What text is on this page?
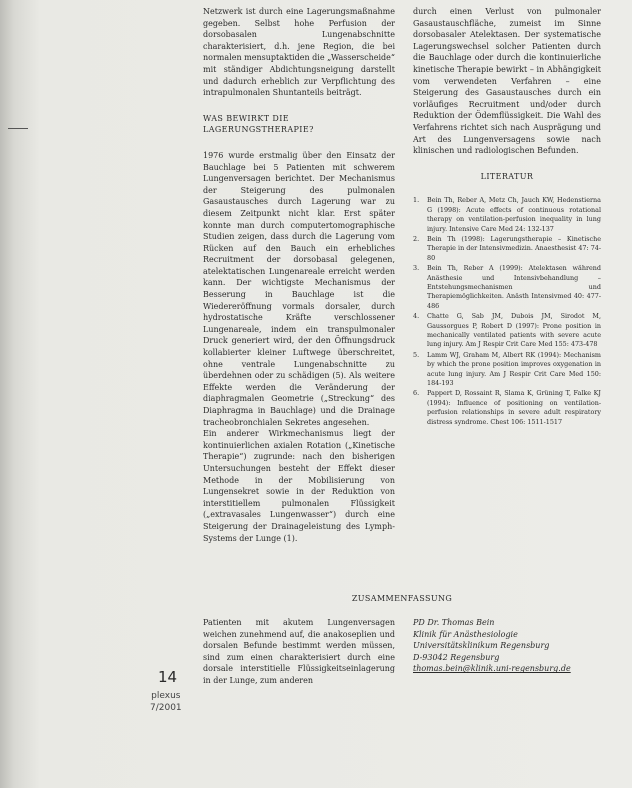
Netzwerk ist durch eine Lagerungsmaßnahme gegeben. Selbst hohe Perfusion der dorsobasalen Lungenabschnitte charakterisiert, d.h. jene Region, die bei normalen mensuptaktiden die „Wasserscheide“ mit ständiger Abdichtungsneigung darstellt und dadurch erheblich zur Verpflichtung des intrapulmonalen Shuntanteils beiträgt.

WAS BEWIRKT DIE LAGERUNGSTHERAPIE?

1976 wurde erstmalig über den Einsatz der Bauchlage bei 5 Patienten mit schwerem Lungenversagen berichtet. Der Mechanismus der Steigerung des pulmonalen Gasaustausches durch Lagerung war zu diesem Zeitpunkt nicht klar. Erst später konnte man durch computertomographische Studien zeigen, dass durch die Lagerung vom Rücken auf den Bauch ein erhebliches Recruitment der dorsobasal gelegenen, atelektatischen Lungenareale erreicht werden kann. Der wichtigste Mechanismus der Besserung in Bauchlage ist die Wiedereröffnung vormals dorsaler, durch hydrostatische Kräfte verschlossener Lungenareale, indem ein transpulmonaler Druck generiert wird, der den Öffnungsdruck kollabierter kleiner Luftwege überschreitet, ohne ventrale Lungenabschnitte zu überdehnen oder zu schädigen (5). Als weitere Effekte werden die Veränderung der diaphragmalen Geometrie („Streckung“ des Diaphragma in Bauchlage) und die Drainage tracheobronchialen Sekretes angesehen.

Ein anderer Wirkmechanismus liegt der kontinuierlichen axialen Rotation („Kinetische Therapie“) zugrunde: nach den bisherigen Untersuchungen besteht der Effekt dieser Methode in der Mobilisierung von Lungensekret sowie in der Reduktion von interstitiellem pulmonalen Flüssigkeit („extravasales Lungenwasser“) durch eine Steigerung der Drainageleistung des Lymph-Systems der Lunge (1).

durch einen Verlust von pulmonaler Gasaustauschfläche, zumeist im Sinne dorsobasaler Atelektasen. Der systematische Lagerungswechsel solcher Patienten durch die Bauchlage oder durch die kontinuierliche kinetische Therapie bewirkt – in Abhängigkeit vom verwendeten Verfahren – eine Steigerung des Gasaustausches durch ein vorläufiges Recruitment und/oder durch Reduktion der Ödemflüssigkeit. Die Wahl des Verfahrens richtet sich nach Ausprägung und Art des Lungenversagens sowie nach klinischen und radiologischen Befunden.

LITERATUR
1.	Bein Th, Reber A, Metz Ch, Jauch KW, Hedenstierna G (1998): Acute effects of continuous rotational therapy on ventilation-perfusion inequality in lung injury. Intensive Care Med 24: 132-137
2.	Bein Th (1998): Lagerungstherapie – Kinetische Therapie in der Intensivmedizin. Anaesthesist 47: 74-80
3.	Bein Th, Reber A (1999): Atelektasen während Anästhesie und Intensivbehandlung – Entstehungsmechanismen und Therapiemöglichkeiten. Anästh Intensivmed 40: 477-486
4.	Chatte G, Sab JM, Dubois JM, Sirodot M, Gaussorgues P, Robert D (1997): Prone position in mechanically ventilated patients with severe acute lung injury. Am J Respir Crit Care Med 155: 473-478
5.	Lamm WJ, Graham M, Albert RK (1994): Mechanism by which the prone position improves oxygenation in acute lung injury. Am J Respir Crit Care Med 150: 184-193
6.	Pappert D, Rossaint R, Slama K, Grüning T, Falke KJ (1994): Influence of positioning on ventilation-perfusion relationships in severe adult respiratory distress syndrome. Chest 106: 1511-1517
ZUSAMMENFASSUNG
Patienten mit akutem Lungenversagen weichen zunehmend auf, die anakoseplien und dorsalen Befunde bestimmt werden müssen, sind zum einen charakterisiert durch eine dorsale interstitielle Flüssigkeitseinlagerung in der Lunge, zum anderen
PD Dr. Thomas Bein
Klinik für Anästhesiologie
Universitätsklinikum Regensburg
D-93042 Regensburg
thomas.bein@klinik.uni-regensburg.de
14
plexus
7/2001
